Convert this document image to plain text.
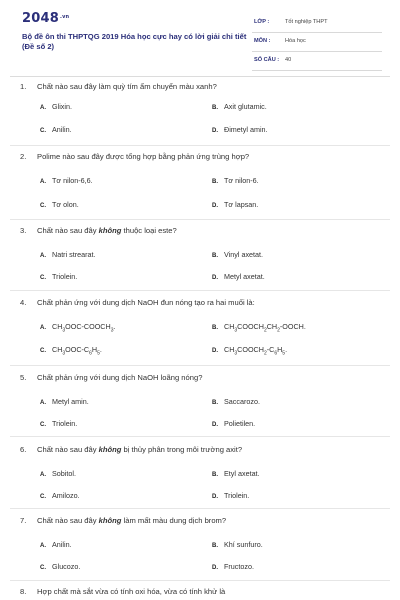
$2048^{.vn}$
Bộ đề ôn thi THPTQG 2019 Hóa học cực hay có lời giải chi tiết (Đề số 2)
LỚP :	Tốt nghiệp THPT
MÔN :	Hóa học
SỐ CÂU : 40
1. Chất nào sau đây làm quỳ tím ẩm chuyển màu xanh?
A. Glixin.	B. Axit glutamic.
C. Anilin.	D. Đimetyl amin.
2. Polime nào sau đây được tổng hợp bằng phản ứng trùng hợp?
A. Tơ nilon-6,6.	B. Tơ nilon-6.
C. Tơ olon.	D. Tơ lapsan.
3. Chất nào sau đây không thuộc loại este?
A. Natri strearat.	B. Vinyl axetat.
C. Triolein.	D. Metyl axetat.
4. Chất phản ứng với dung dịch NaOH đun nóng tạo ra hai muối là:
A. $CH_3OOC-COOCH_3$.	B. $CH_3COOCH_2CH_2$-OOCH.
C. $CH_3OOC-C_6H_5$.	D. $CH_3COOCH_2-C_6H_5$.
5. Chất phản ứng với dung dịch NaOH loãng nóng?
A. Metyl amin.	B. Saccarozo.
C. Triolein.	D. Polietilen.
6. Chất nào sau đây không bị thủy phân trong môi trường axit?
A. Sobitol.	B. Etyl axetat.
C. Amilozo.	D. Triolein.
7. Chất nào sau đây không làm mất màu dung dịch brom?
A. Anilin.	B. Khí sunfuro.
C. Glucozo.	D. Fructozo.
8. Hợp chất mà sắt vừa có tính oxi hóa, vừa có tính khử là
